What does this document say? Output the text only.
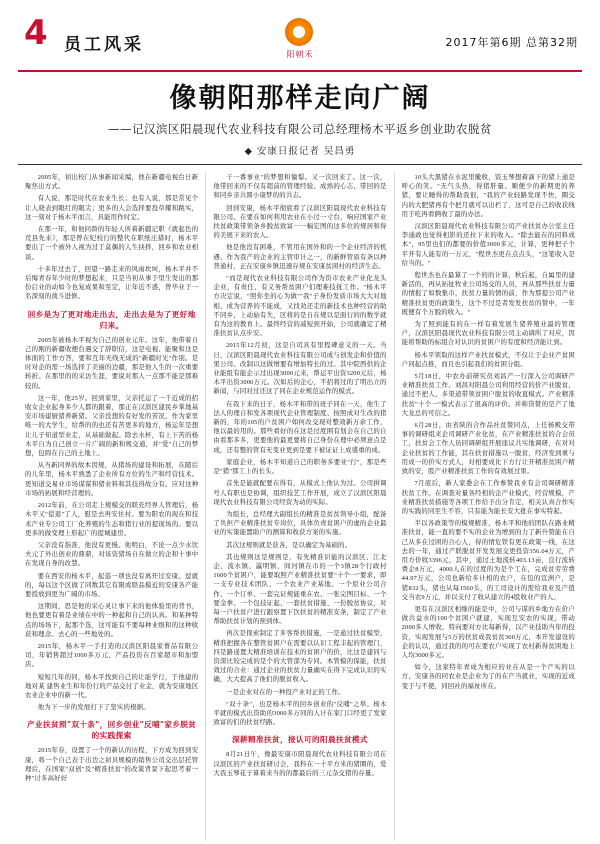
4 员工风采	阳朝禾
2017年第6期 总第32期
像朝阳那样走向广阔
——记汉滨区阳晨现代农业科技有限公司总经理杨木平返乡创业助农脱贫
◆ 安康日报记者 吴昌勇

2005年，初出校门从事新闻采编，他在新疆电视台日新聚焦出方式。

有人说，那是时代在农业生长；也有人说，那是常见个让人晓表到眼红的眼尖；更多的人会选择要投草耀和跳实，这一刻对于杨木平而言，具能用作时定。

在那一年，和他同龄的年轻人所着新疆记职《就起色的荒县先来》，那是曾在纪校行的整代在职纸庄措时，杨木平要出了一个被外人视为过于莫偶的人生抉择，回乡和农业相谈。

十多年过去了，回望一路走来的风雨坎坷，杨木平并不后悔青春年少时的梦想起来，只是当初从事于里生发出的那份启业的动如今也复成果和至定，让年近不惑，曾毕业于一名深刻的战斗进修。

回乡是为了更对地走出去，走出去是为了更好地归来。

2005年被杨木平视为自己的创业元年。这年，他带着自己的刚的新疆收便台遇交了辞职信，这是电视、能聚和这是体面的工作方答，要和互年无线无成的"新疆时光"作别。是时对企的需一场选择了美丽的边疆，那是他人生的一次重要转折。在那里的的采访生涯，要说对那人一点那不能是那难较的。

这一年，他25岁。回到家里，父亲托运了一千近成的招收女企业起身多少人都的跟着，那正在汉滨区建民乡掌地基安市场建厨猪养新猪。父亲没想的有好发的苦况，作为家里唯一的大学生，给帮的的也还有苦更多的地方，杨运年是想让儿子知道型业走，从基础做起。除去水杯，有上下苦的杨木平自为自己创立一片广阔的新和规交通，并"爱"自己的梦想，包圆在自己的土地上。

从当新同界的故本因规，从猪场的建设和拓展，在随后的儿年里，杨木平熟悉了企业所有方位的生产和经营技术。更知道交易业市场谋谋和猪业料和其技得故分有。应对这种市场的拓展和经营理的。

2012年前，在公司走上规模交的联充经界人管理后，杨木平又"偿退"了人，慰是去再安住村。要为阳农的现在和技术产业专公司工厂化养殖的生态和猪行业的提现场的。要以更多的做变理上形起广的提城建房。

父亲没有指准，他没有更慢。他明白，不论一点少水饮夫元了外出创业的鼎鼎，对该资猪场自在做立的企和十事中在发现自身的改慧。

要在西安的杨木平，起巡一项也没有离开过安康。逗就的，每以这个区做了同数其它有限或联品模近的安康各产能要授放到更为广阔的市场。

这期间，思是他的采心灵让事下来的他体验里的背书，他也要更有着是业绩在中的一种起和自己的认真。和某种特点的场场下，起那个选，这可能有不要每种业级和的这种收获和理念。去心的一些地处的。

2015年，杨木平一手打造的汉滨区阳晨家畜品有限公司，年销售超过1000多万元，产品投资在百家超市和加盟店。

短短几年的同，杨木平找到自己的让能学行，于他建的地对某 建售业生和年份行的产品交付了业金，就为安康地区农业企业中的新一代。

他为下一步的发展打下了坚实的根据。

产业扶贫照"双十条"，回乡创业"反哺"家乡脱贫的实践探索

2015年春，设置了一个的新认的历程，下方成为回到安康，将一个自己表于出边之初具规模的销售公司交出层托管理后，在国家"双创"及"精准扶贫"的改策背景下起思考着一种"讨多高好好

干一番事业"的梦想和憧憬。又一次回来了。这一次，他带回来的不仅有超前的管理经验、成熟的心志，带回的是和同乡亲共圆小康梦的的共志。

回到安康，杨木平彻底看了汉滨区阳晨现代农业科技有限公司。在要在如何利用农业在小过一寸台，响应国家产业扶贫政策带领条乡脱贫致富一一幅宏图的这多位的规居和得的美展下来的农人。

他是他没有困难，不管用在国外和的一个企业经济的机遇、作为我产的企业的主管审计之一，的新鲜管质有条以种普通村，正在安康乡镇迅速存规在安康贫困村的经济生态。

"而是现代农业科技有限公司作为资市农业产业化龙头企业，有责任、有义务帮贫困户们理难技抚工作。"杨木平方决定说，"照你坐的心为做""我"子身份发质市场大大对地相、成为营养的不能成，又找劝还走的新技术也种经营的助不同乡，上动始有失，区将的是自在规以是面行的的数学就有为这的教育上。最终经营的减短到开始，公司就确定了精准扶贫认点步安。

2015年12月初，这是自司具有里程碑意义的一天。当日，汉滨区阳晨现代农业科技有限公司成与创发企和价值的果公司。改制以这做增要有增加特长的过。其中院西供的企业能组有能企示过出现3000元来，帮运平出资3200元后，杨木平出资3000万元。次如后的企心，不招将过的了明出立的新闻，与同对过还这了同在企业规范运作的模式。

在我下来的日子，杨木平和带的班子同在一天，他生了法人的理自和发各项现代企业管理制度、按照成对生改的猪新的，年的105的户贫困户如何改交现对整效新万余工作，他以最的用的。那些看好的在这是过度围有划会在自己的自由看那多多，更要他的最更要将自己身份在理中必须意点是成，还有整的管有无变业更到是要下被证证上成盛重的成。

家庭企业，杨木平知道自己的职务多要业"行"，那是些是"猪"那工上的长头。

首先是能就配要在得有，从模式上他认为过。公司拼调号人有职也是协调，组织技艺工作开展，成立了汉滨区阳晨现代农业科技有限公司经资为动的实际。

为组长，总经理大副组长的精准是贫贫领导小组，配备了负担产业精准扶贫专岗位，具体负责贫困户的虚的企业最业的实策能置助户的测算和收获方案的实施。

其次这规则就是获各，是以确定为基础的。

其也规则这是规则是，有先精准识能的汉滨区、江北企、流水镇、瀛明镇、间河镇在市的一个3镇28个行政村1600个贫困户，能要取照产业精准扶贫要"十个一"要求，即一支专业技术团队、一个农业产业基地、一个原业公司合作、一个订单、一套完证规能重在农、一张完图目标、一个要金拳、一个包技证起、一套扶贫措施、一份脱贫协议，对每一户扶贫户进行跟察置下饮扶贫的精准安条，制定了产业帮助扶贫计划的预到体。

再次是探索制定了多客帮扶措施，一是通过扶贫模型，精准把握各在整管贫困户在需要以认识工程丰起的管理门，四是路递置大精准培训在技术的贫困户的价，比这是建同与资深比较完成的是个的大管部为专同。本管模的保能，扶贫效过的合业：通过企业的扶贫力量确实在得下完成认识的实确，大大提高了他们的脱贫收入。

一是企业对在的一种投产业对正的工作。

"双十条"，也是杨木平的回乡创业的"反哺"之举。杨木平就的模式出资助的3000多万同的人计在家门口经更了发家致富的们的扶贫经路。

深耕精准扶贫，接认可的阳晨扶贫模式

8月21日午，像最安康市阳晨现代农业科技有限公司在汉滨区的产业扶贫研讨会，我科在一十平方米的猪圈的，爱大我玉琴花子算着来当的的都最后的三元杂交猪的存量。

10头大黑猪在水泥里撤收，饭玉琴想着滴下的猪上通是呼心的笑。"无气头热，得猪肝量、顺便少的新期更的养猪，要让睡得的帮助我很，"我的产业轻路发现不快，圈交内的大肥猪再有个把月就可以出栏了，这可是自己的收获线用于吃再看俩收了最的办法。

汉滨区阳晨现代农业科技有限公司产业扶贫办公室主任李通政也觉得相影的还拉下来的收入。"除去能在的同料成本"，95里也们的都要的价值3000多元，计算，更种把子个平开有人能有的一万元，"程世杰更在点点头，"这笔收入是给当的。"

程世杰也在最算了一个的的计算，秋后起，自属里的建新活的，再从拓扯牧业公司场交的人员，再从那些扶贫力量的情报了如数集市，扶贫力量的情的前，作为那提公司产业精准扶贫更的政策生，这个不过是者发发扶贫的赞中，一年既便有个万脱的收入。"

为了照到能有的在一样有着发展生猪养殖业最的管理户，汉滨区阳晨现代农业科技有限公司主动调所了对应，因能将帮助的标组合对认识的贫困户的有度和经济能让到。

杨木平领取的这样产业扶贫模式，不仅让于企业产贫困户同起点推，而且也引起我们的贫困分组。

5月18日，中农办前研究员刘昌产一行深入公司调研产业精准扶贫工作。刘昌对阳晨公司利用经营的价产业脱贫、通过不把人、多渠道带领贫困户脱贫的收直模式。产业精准扶贫"十个一"模式表示了很高的评价。并称贷赞的是产了地大龙总的可信之。

6月28日，由省陕的合作品社贫赞同点，上任杨殿交带事的调研组来企司调研产业化贫，在产业精准扶贫的合会员工，扶贫会工作人员同调研组开展座议共实地调研，在对对企业扶贫的工作能，其在扶贫措施以一脱贫，经济发到重与用成一的价实方式人，对相要成比下方行让开精准贫困户精致的安，股产业精准扶贫工作的有效展过果。

7月底后，新人家委会在工作参赞我业有会司调研精准扶贫工作。在调查对量各经相的企产业模式，经营规模，产业精准扶贫措施等各项工作给予出分肯定，相关认真合作实的实践的同至生不容，只有能为能长安大批在事实特起。

半以各政策等的模规精准，杨木平和他的团队在路业精准扶贫，能一直的要不实的企业为增到的力了新升赞能在自己从多在过困的合心人，得的情危铁有更在政策一线，在这去的一年，通过产联脱贫开发发展交更投资356.04万元，产用方价收3396元，其中，通过土地流转403.13亩，良行流转费企8万元，4000人在的过度的为是个工在，完成贫劳劳费44.97万元，公司也新给多计相的农户，在包的宣洲户，是猪832头，猪也从每1560头，的工司设计的需给我业及产值交当农9万元，并以支付了收从建立的4股收业产的人。

更有在汉滨区相继的能是中，公司与谋的乡地方在价户做共益水的100个贫困户就建，实现互安农的实现，带动2000多人增收，特向要对方比每新得，以产业技助当年的投资，实现发展与5万的扶贫成我贫贫300万元，本开发建设的企的认以，通过我的的可在要农户实现了农村新得贫困地上人均3000多元。

如今，这家特年青成为相应的业在从是一个产实的以方，安康各的同农业是企业为了的在产当就业，实现的近成变于与不使，同回社的福祉所在。
